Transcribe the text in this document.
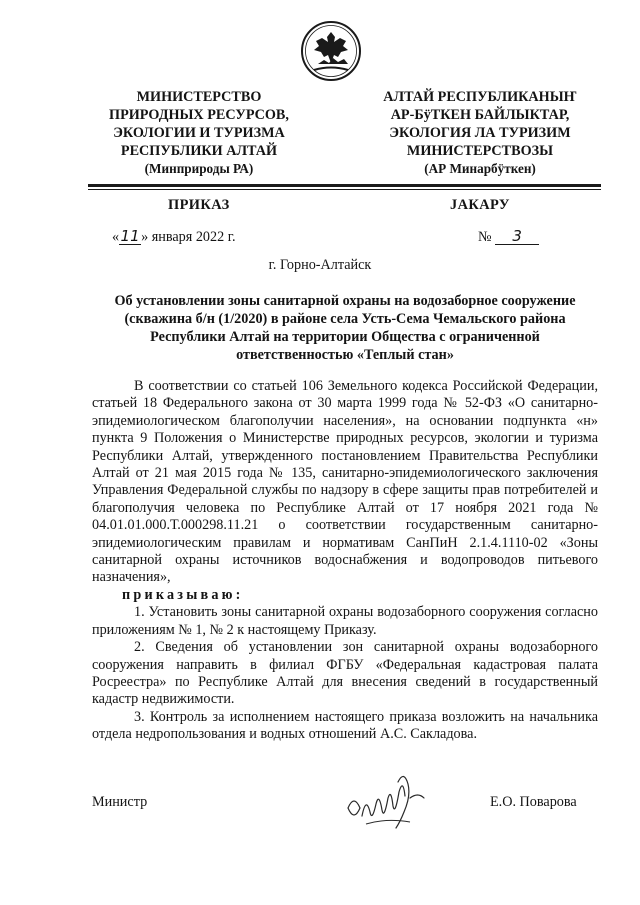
МИНИСТЕРСТВО
ПРИРОДНЫХ РЕСУРСОВ,
ЭКОЛОГИИ И ТУРИЗМА
РЕСПУБЛИКИ АЛТАЙ
(Минприроды РА)
АЛТАЙ РЕСПУБЛИКАНЫҤ
АР-БÿТКЕН БАЙЛЫКТАР,
ЭКОЛОГИЯ ЛА ТУРИЗИМ
МИНИСТЕРСТВОЗЫ
(АР Минарбÿткен)
ПРИКАЗ	JАКАРУ
«11» января 2022 г.	№ 3
г. Горно-Алтайск
Об установлении зоны санитарной охраны на водозаборное сооружение (скважина б/н (1/2020) в районе села Усть-Сема Чемальского района Республики Алтай на территории Общества с ограниченной ответственностью «Теплый стан»

В соответствии со статьей 106 Земельного кодекса Российской Федерации, статьей 18 Федерального закона от 30 марта 1999 года № 52-ФЗ «О санитарно-эпидемиологическом благополучии населения», на основании подпункта «н» пункта 9 Положения о Министерстве природных ресурсов, экологии и туризма Республики Алтай, утвержденного постановлением Правительства Республики Алтай от 21 мая 2015 года № 135, санитарно-эпидемиологического заключения Управления Федеральной службы по надзору в сфере защиты прав потребителей и благополучия человека по Республике Алтай от 17 ноября 2021 года № 04.01.01.000.Т.000298.11.21 о соответствии государственным санитарно-эпидемиологическим правилам и нормативам СанПиН 2.1.4.1110-02 «Зоны санитарной охраны источников водоснабжения и водопроводов питьевого назначения»,

приказываю:

1. Установить зоны санитарной охраны водозаборного сооружения согласно приложениям № 1, № 2 к настоящему Приказу.

2. Сведения об установлении зон санитарной охраны водозаборного сооружения направить в филиал ФГБУ «Федеральная кадастровая палата Росреестра» по Республике Алтай для внесения сведений в государственный кадастр недвижимости.

3. Контроль за исполнением настоящего приказа возложить на начальника отдела недропользования и водных отношений А.С. Сакладова.

Министр	Е.О. Поварова
